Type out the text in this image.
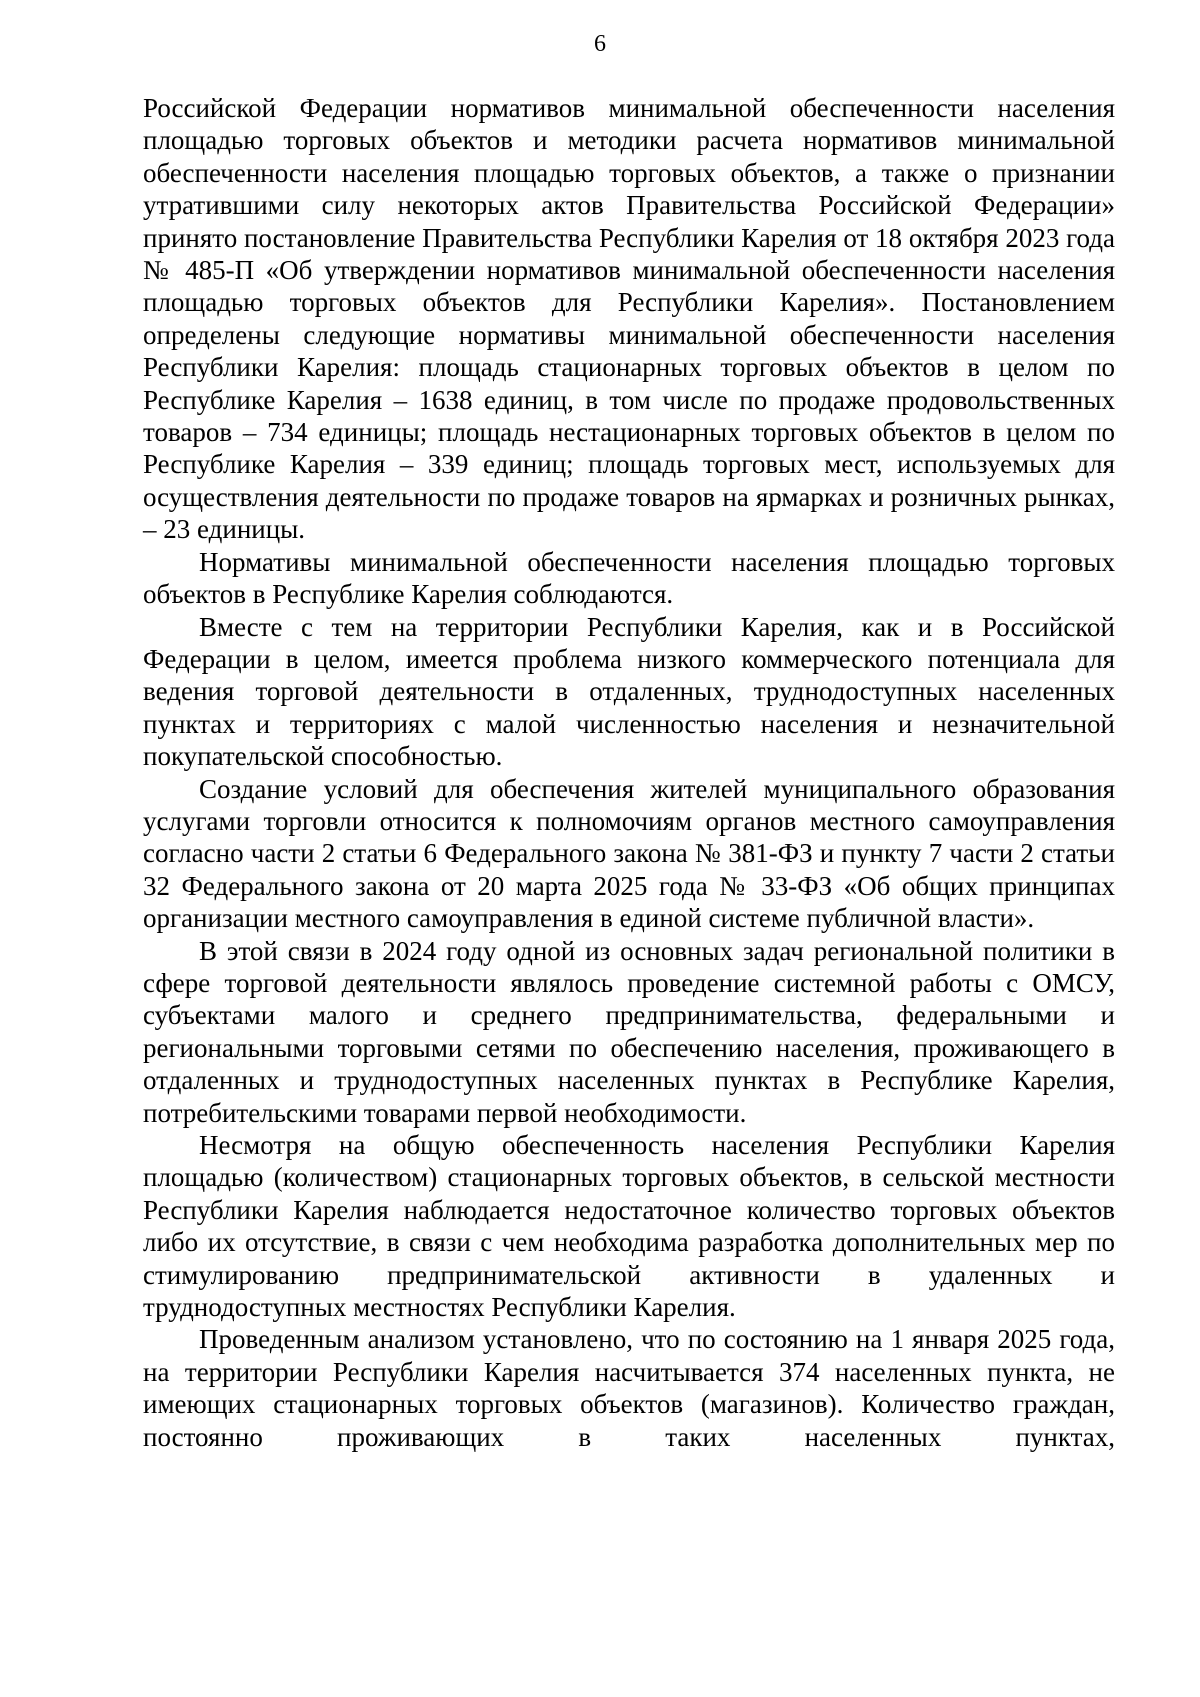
6

Российской Федерации нормативов минимальной обеспеченности населения площадью торговых объектов и методики расчета нормативов минимальной обеспеченности населения площадью торговых объектов, а также о признании утратившими силу некоторых актов Правительства Российской Федерации» принято постановление Правительства Республики Карелия от 18 октября 2023 года № 485-П «Об утверждении нормативов минимальной обеспеченности населения площадью торговых объектов для Республики Карелия». Постановлением определены следующие нормативы минимальной обеспеченности населения Республики Карелия: площадь стационарных торговых объектов в целом по Республике Карелия – 1638 единиц, в том числе по продаже продовольственных товаров – 734 единицы; площадь нестационарных торговых объектов в целом по Республике Карелия – 339 единиц; площадь торговых мест, используемых для осуществления деятельности по продаже товаров на ярмарках и розничных рынках, – 23 единицы.

Нормативы минимальной обеспеченности населения площадью торговых объектов в Республике Карелия соблюдаются.

Вместе с тем на территории Республики Карелия, как и в Российской Федерации в целом, имеется проблема низкого коммерческого потенциала для ведения торговой деятельности в отдаленных, труднодоступных населенных пунктах и территориях с малой численностью населения и незначительной покупательской способностью.

Создание условий для обеспечения жителей муниципального образования услугами торговли относится к полномочиям органов местного самоуправления согласно части 2 статьи 6 Федерального закона № 381-ФЗ и пункту 7 части 2 статьи 32 Федерального закона от 20 марта 2025 года № 33-ФЗ «Об общих принципах организации местного самоуправления в единой системе публичной власти».

В этой связи в 2024 году одной из основных задач региональной политики в сфере торговой деятельности являлось проведение системной работы с ОМСУ, субъектами малого и среднего предпринимательства, федеральными и региональными торговыми сетями по обеспечению населения, проживающего в отдаленных и труднодоступных населенных пунктах в Республике Карелия, потребительскими товарами первой необходимости.

Несмотря на общую обеспеченность населения Республики Карелия площадью (количеством) стационарных торговых объектов, в сельской местности Республики Карелия наблюдается недостаточное количество торговых объектов либо их отсутствие, в связи с чем необходима разработка дополнительных мер по стимулированию предпринимательской активности в удаленных и труднодоступных местностях Республики Карелия.

Проведенным анализом установлено, что по состоянию на 1 января 2025 года, на территории Республики Карелия насчитывается 374 населенных пункта, не имеющих стационарных торговых объектов (магазинов). Количество граждан, постоянно проживающих в таких населенных пунктах,
